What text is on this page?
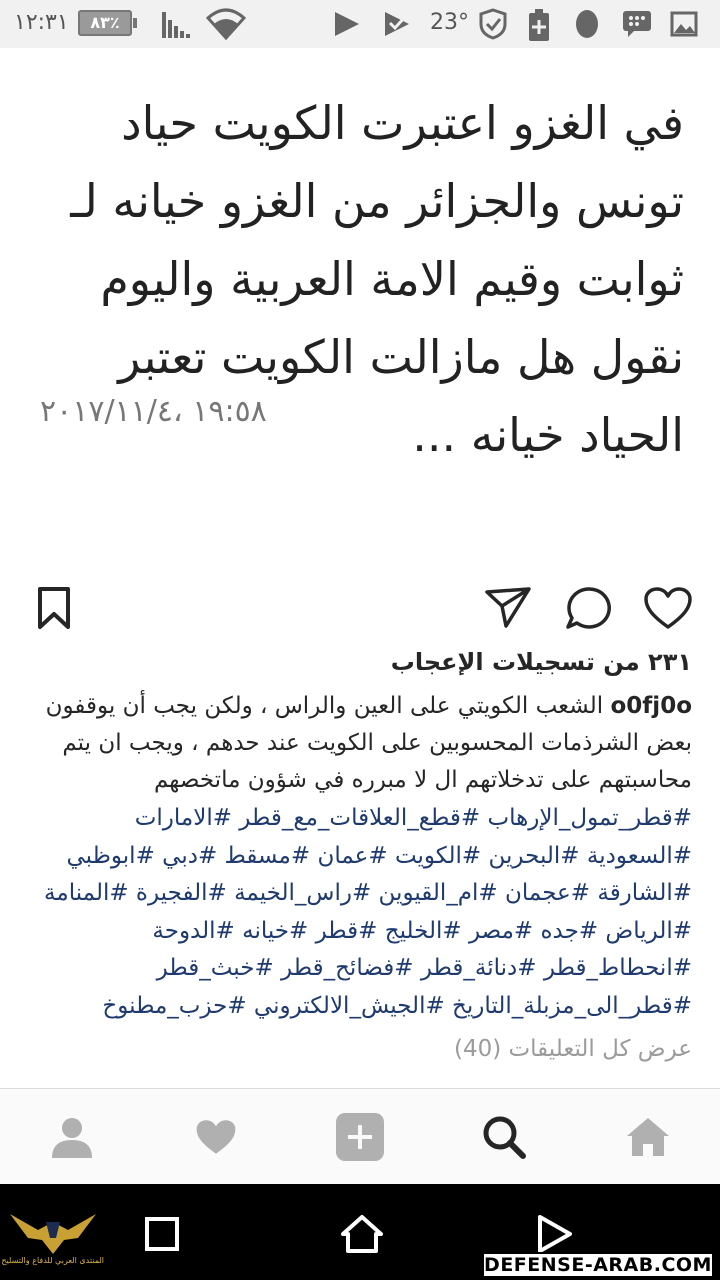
١٢:٣١	٨٣٪	23°
في الغزو اعتبرت الكويت حياد تونس والجزائر من الغزو خيانه لـ ثوابت وقيم الامة العربية واليوم نقول هل مازالت الكويت تعتبر الحياد خيانه ...
١٩:٥٨ ،٢٠١٧/١١/٤
٢٣١ من تسجيلات الإعجاب
o0fj0o الشعب الكويتي على العين والراس ، ولكن يجب أن يوقفون بعض الشرذمات المحسوبين على الكويت عند حدهم ، ويجب ان يتم محاسبتهم على تدخلاتهم ال لا مبرره في شؤون ماتخصهم
#قطر_تمول_الإرهاب #قطع_العلاقات_مع_قطر #الامارات #السعودية #البحرين #الكويت #عمان #مسقط #دبي #ابوظبي #الشارقة #عجمان #ام_القيوين #راس_الخيمة #الفجيرة #المنامة #الرياض #جده #مصر #الخليج #قطر #خيانه #الدوحة #انحطاط_قطر #دنائة_قطر #فضائح_قطر #خبث_قطر #قطر_الى_مزبلة_التاريخ #الجيش_الالكتروني #حزب_مطنوخ
عرض كل التعليقات (40)
المنتدى العربي للدفاع والتسليح	DEFENSE-ARAB.COM
